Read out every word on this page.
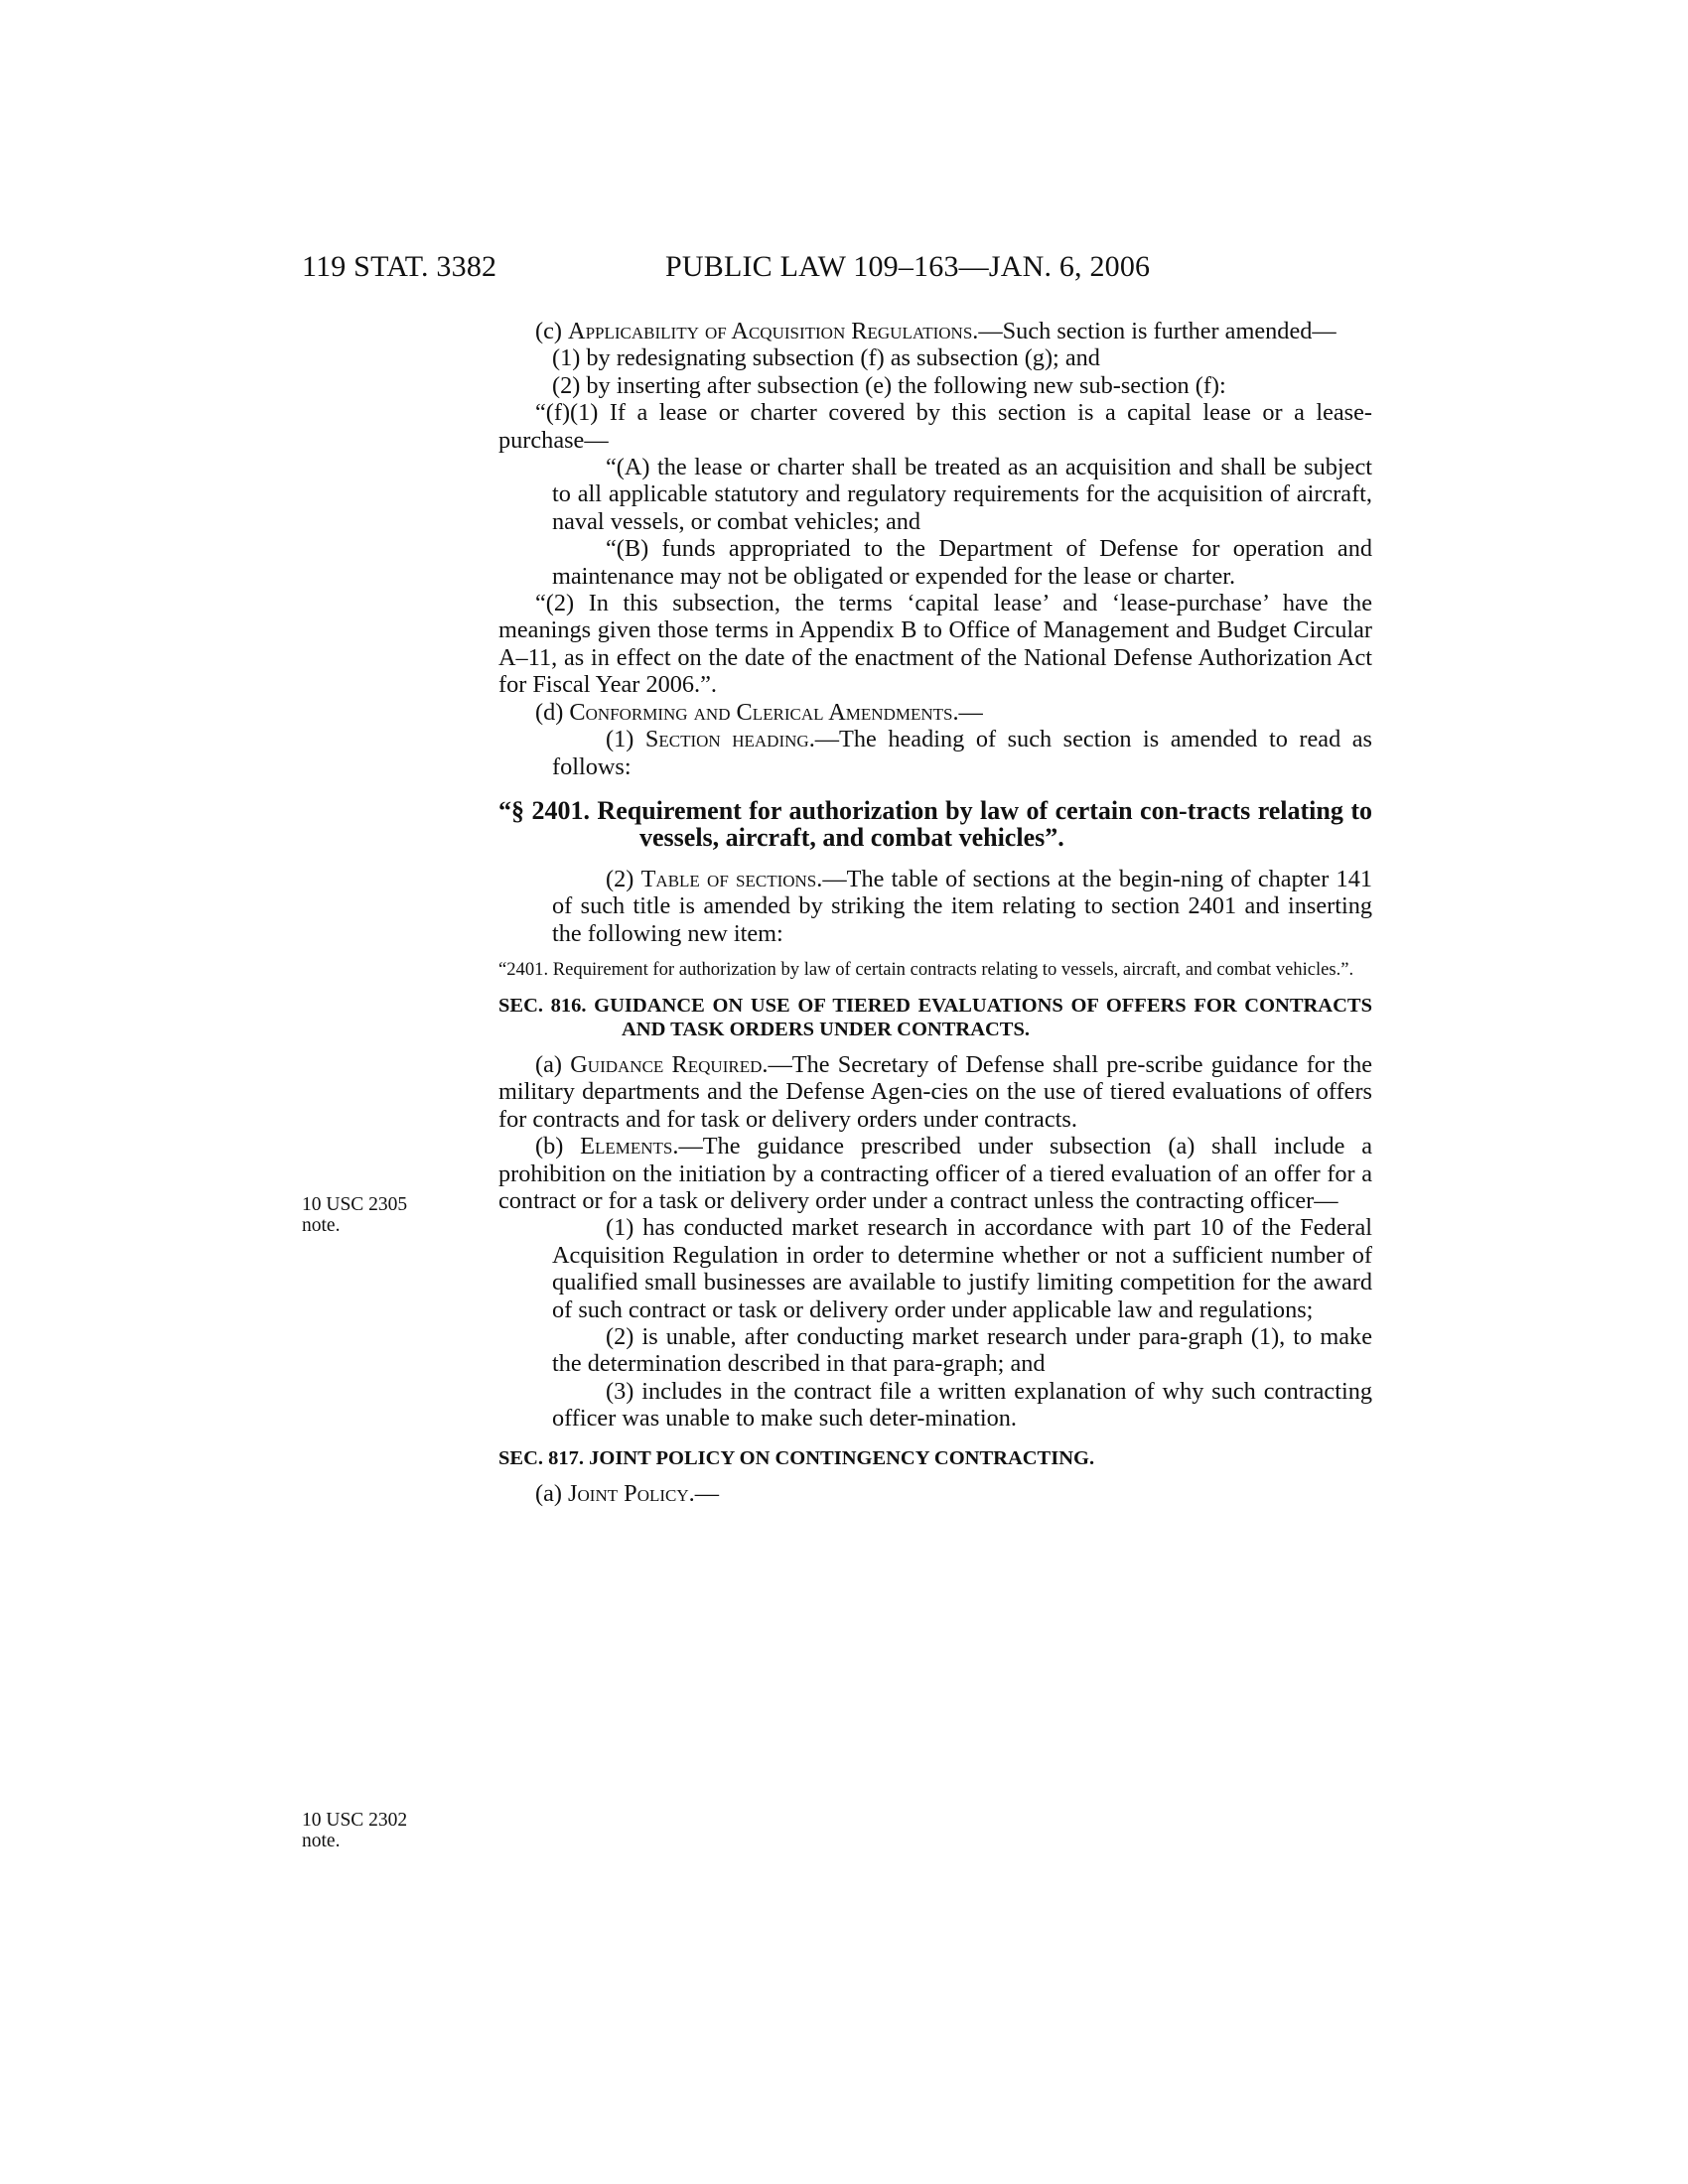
119 STAT. 3382	PUBLIC LAW 109–163—JAN. 6, 2006
10 USC 2305
note.
10 USC 2302
note.

(c) Applicability of Acquisition Regulations.—Such section is further amended—

(1) by redesignating subsection (f) as subsection (g); and

(2) by inserting after subsection (e) the following new sub-section (f):

“(f)(1) If a lease or charter covered by this section is a capital lease or a lease-purchase—

“(A) the lease or charter shall be treated as an acquisition and shall be subject to all applicable statutory and regulatory requirements for the acquisition of aircraft, naval vessels, or combat vehicles; and

“(B) funds appropriated to the Department of Defense for operation and maintenance may not be obligated or expended for the lease or charter.

“(2) In this subsection, the terms ‘capital lease’ and ‘lease-purchase’ have the meanings given those terms in Appendix B to Office of Management and Budget Circular A–11, as in effect on the date of the enactment of the National Defense Authorization Act for Fiscal Year 2006.”.

(d) Conforming and Clerical Amendments.—

(1) Section heading.—The heading of such section is amended to read as follows:

“§ 2401. Requirement for authorization by law of certain con-tracts relating to vessels, aircraft, and combat vehicles”.

(2) Table of sections.—The table of sections at the begin-ning of chapter 141 of such title is amended by striking the item relating to section 2401 and inserting the following new item:

“2401. Requirement for authorization by law of certain contracts relating to vessels, aircraft, and combat vehicles.”.

SEC. 816. GUIDANCE ON USE OF TIERED EVALUATIONS OF OFFERS FOR CONTRACTS AND TASK ORDERS UNDER CONTRACTS.

(a) Guidance Required.—The Secretary of Defense shall pre-scribe guidance for the military departments and the Defense Agen-cies on the use of tiered evaluations of offers for contracts and for task or delivery orders under contracts.

(b) Elements.—The guidance prescribed under subsection (a) shall include a prohibition on the initiation by a contracting officer of a tiered evaluation of an offer for a contract or for a task or delivery order under a contract unless the contracting officer—

(1) has conducted market research in accordance with part 10 of the Federal Acquisition Regulation in order to determine whether or not a sufficient number of qualified small businesses are available to justify limiting competition for the award of such contract or task or delivery order under applicable law and regulations;

(2) is unable, after conducting market research under para-graph (1), to make the determination described in that para-graph; and

(3) includes in the contract file a written explanation of why such contracting officer was unable to make such deter-mination.

SEC. 817. JOINT POLICY ON CONTINGENCY CONTRACTING.

(a) Joint Policy.—
